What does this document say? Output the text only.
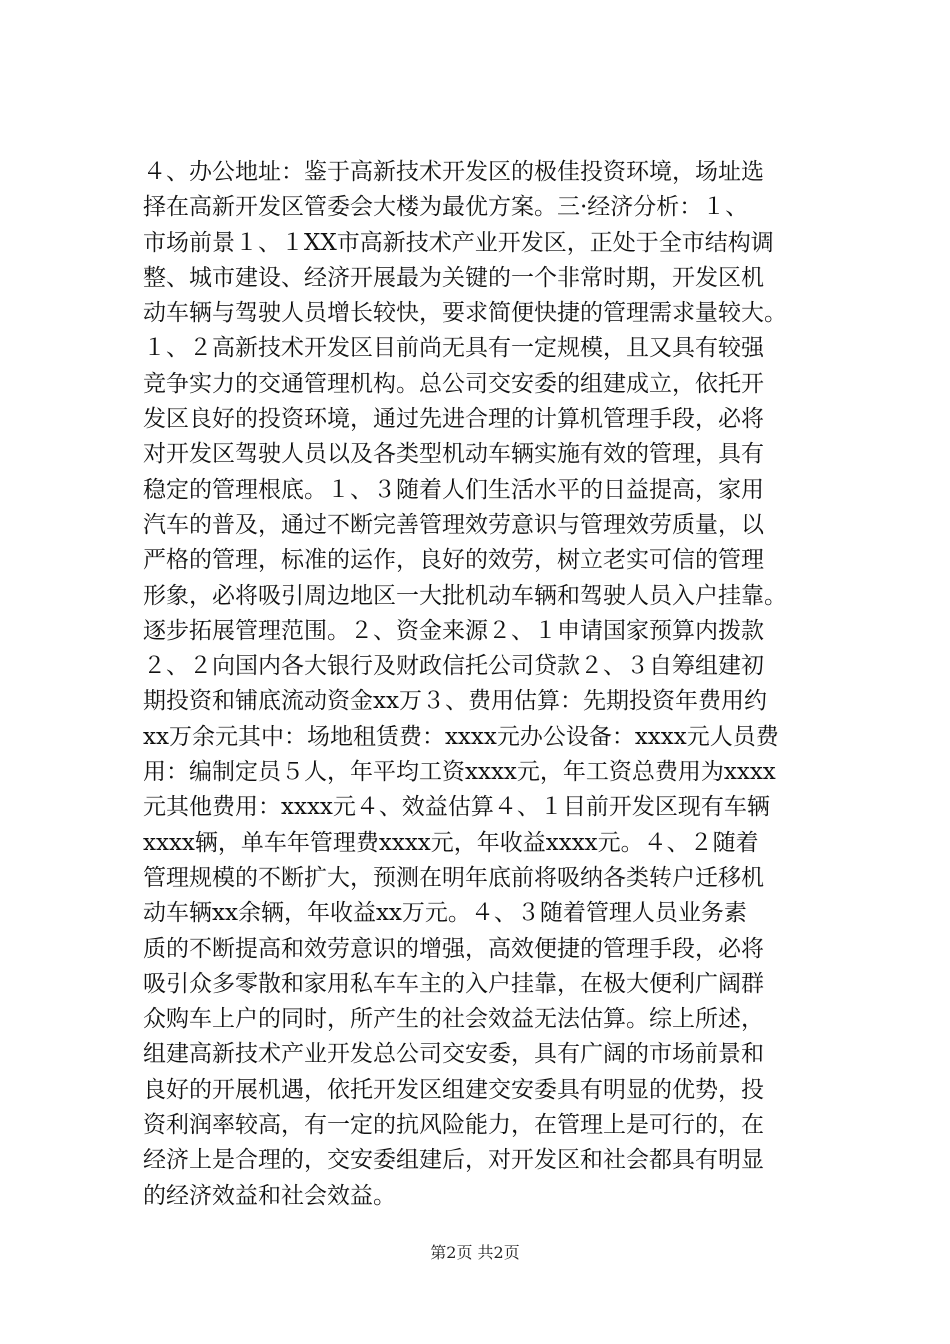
４、办公地址：鉴于高新技术开发区的极佳投资环境，场址选
择在高新开发区管委会大楼为最优方案。三·经济分析：１、
市场前景１、１XX市高新技术产业开发区，正处于全市结构调
整、城市建设、经济开展最为关键的一个非常时期，开发区机
动车辆与驾驶人员增长较快，要求简便快捷的管理需求量较大。
１、２高新技术开发区目前尚无具有一定规模，且又具有较强
竞争实力的交通管理机构。总公司交安委的组建成立，依托开
发区良好的投资环境，通过先进合理的计算机管理手段，必将
对开发区驾驶人员以及各类型机动车辆实施有效的管理，具有
稳定的管理根底。１、３随着人们生活水平的日益提高，家用
汽车的普及，通过不断完善管理效劳意识与管理效劳质量，以
严格的管理，标准的运作，良好的效劳，树立老实可信的管理
形象，必将吸引周边地区一大批机动车辆和驾驶人员入户挂靠。
逐步拓展管理范围。２、资金来源２、１申请国家预算内拨款
２、２向国内各大银行及财政信托公司贷款２、３自筹组建初
期投资和铺底流动资金xx万３、费用估算：先期投资年费用约
xx万余元其中：场地租赁费：xxxx元办公设备：xxxx元人员费
用：编制定员５人，年平均工资xxxx元，年工资总费用为xxxx
元其他费用：xxxx元４、效益估算４、１目前开发区现有车辆
xxxx辆，单车年管理费xxxx元，年收益xxxx元。４、２随着
管理规模的不断扩大，预测在明年底前将吸纳各类转户迁移机
动车辆xx余辆，年收益xx万元。４、３随着管理人员业务素
质的不断提高和效劳意识的增强，高效便捷的管理手段，必将
吸引众多零散和家用私车车主的入户挂靠，在极大便利广阔群
众购车上户的同时，所产生的社会效益无法估算。综上所述，
组建高新技术产业开发总公司交安委，具有广阔的市场前景和
良好的开展机遇，依托开发区组建交安委具有明显的优势，投
资利润率较高，有一定的抗风险能力，在管理上是可行的，在
经济上是合理的，交安委组建后，对开发区和社会都具有明显
的经济效益和社会效益。
第2页 共2页
